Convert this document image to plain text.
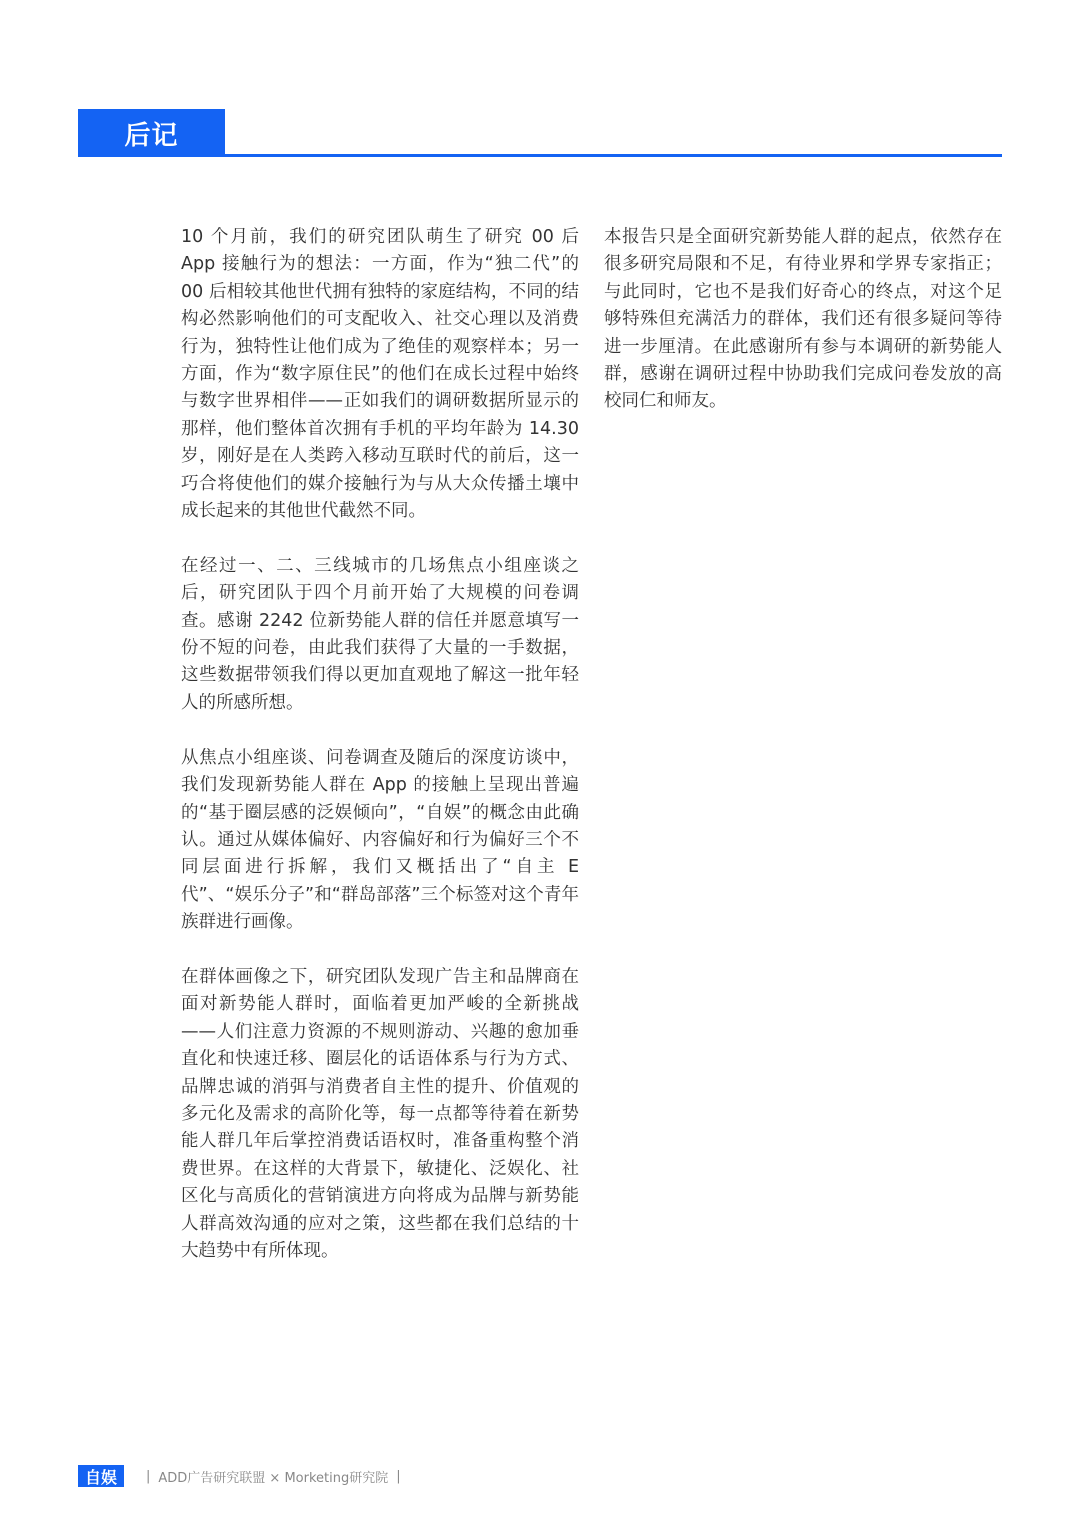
后记

10 个月前，我们的研究团队萌生了研究 00 后 App 接触行为的想法：一方面，作为“独二代”的 00 后相较其他世代拥有独特的家庭结构，不同的结构必然影响他们的可支配收入、社交心理以及消费行为，独特性让他们成为了绝佳的观察样本；另一方面，作为“数字原住民”的他们在成长过程中始终与数字世界相伴——正如我们的调研数据所显示的那样，他们整体首次拥有手机的平均年龄为 14.30 岁，刚好是在人类跨入移动互联时代的前后，这一巧合将使他们的媒介接触行为与从大众传播土壤中成长起来的其他世代截然不同。

在经过一、二、三线城市的几场焦点小组座谈之后，研究团队于四个月前开始了大规模的问卷调查。感谢 2242 位新势能人群的信任并愿意填写一份不短的问卷，由此我们获得了大量的一手数据，这些数据带领我们得以更加直观地了解这一批年轻人的所感所想。

从焦点小组座谈、问卷调查及随后的深度访谈中，我们发现新势能人群在 App 的接触上呈现出普遍的“基于圈层感的泛娱倾向”，“自娱”的概念由此确认。通过从媒体偏好、内容偏好和行为偏好三个不同层面进行拆解，我们又概括出了“自主 E 代”、“娱乐分子”和“群岛部落”三个标签对这个青年族群进行画像。

在群体画像之下，研究团队发现广告主和品牌商在面对新势能人群时，面临着更加严峻的全新挑战——人们注意力资源的不规则游动、兴趣的愈加垂直化和快速迁移、圈层化的话语体系与行为方式、品牌忠诚的消弭与消费者自主性的提升、价值观的多元化及需求的高阶化等，每一点都等待着在新势能人群几年后掌控消费话语权时，准备重构整个消费世界。在这样的大背景下，敏捷化、泛娱化、社区化与高质化的营销演进方向将成为品牌与新势能人群高效沟通的应对之策，这些都在我们总结的十大趋势中有所体现。

本报告只是全面研究新势能人群的起点，依然存在很多研究局限和不足，有待业界和学界专家指正；与此同时，它也不是我们好奇心的终点，对这个足够特殊但充满活力的群体，我们还有很多疑问等待进一步厘清。在此感谢所有参与本调研的新势能人群，感谢在调研过程中协助我们完成问卷发放的高校同仁和师友。

自娱	| ADD广告研究联盟 × Morketing研究院 |
